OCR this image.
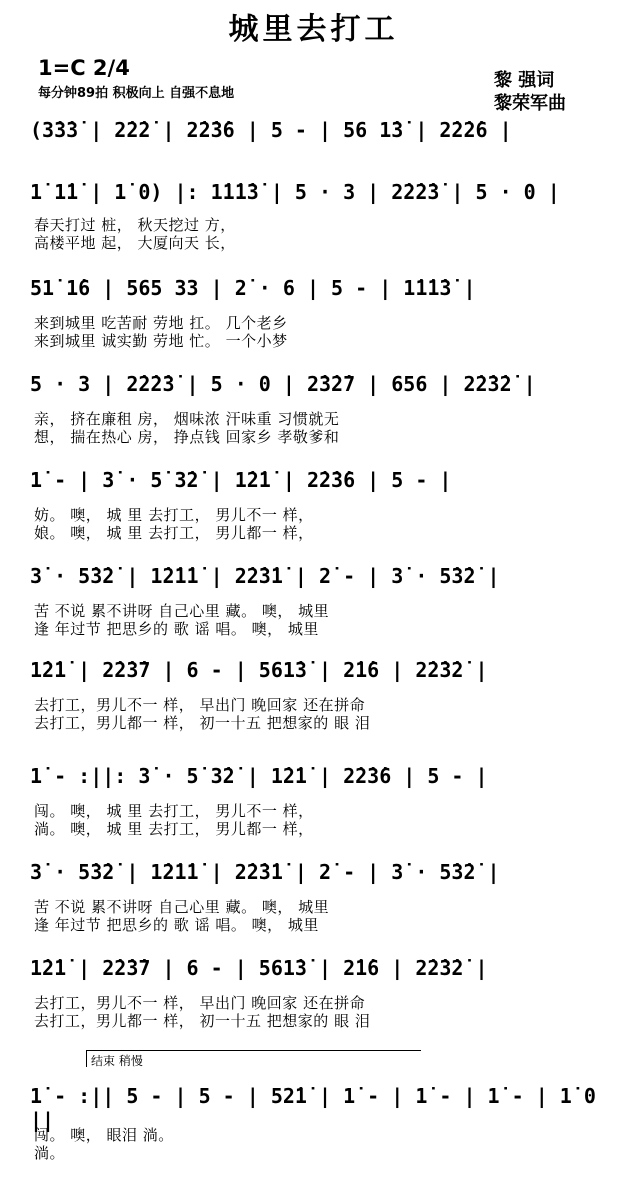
城里去打工
1=C 2/4
每分钟89拍 积极向上 自强不息地
黎 强词
黎荣军曲
(3̇3̇3̇ | 2̇2̇2̇ | 2̇2̇3̇6 | 5 - | 56 1̇3̇ | 2̇2̇2̇6 |
1̇ 1̇1̇ | 1̇ 0) |: 1̇1̇1̇3̇ | 5 · 3 | 2̇2̇2̇3̇ | 5 · 0 |
春天打过 桩， 秋天挖过 方，
高楼平地 起， 大厦向天 长，
51̇ 1̇6 | 565 33 | 2̇ · 6 | 5 - | 1̇1̇1̇3̇ |
来到城里 吃苦耐 劳地 扛。 几个老乡
来到城里 诚实勤 劳地 忙。 一个小梦
5 · 3 | 2̇2̇2̇3̇ | 5 · 0 | 2̇3̇2̇7 | 656 | 2̇2̇3̇2̇ |
亲， 挤在廉租 房， 烟味浓 汗味重 习惯就无
想， 揣在热心 房， 挣点钱 回家乡 孝敬爹和
1̇ - | 3̇ · 5̇ 3̇2̇ | 1̇2̇1̇ | 2̇2̇3̇6 | 5 - |
妨。 噢， 城 里 去打工， 男儿不一 样，
娘。 噢， 城 里 去打工， 男儿都一 样，
3̇ · 5̇3̇2̇ | 1̇2̇1̇1̇ | 2̇2̇3̇1̇ | 2̇ - | 3̇ · 5̇3̇2̇ |
苦 不说 累不讲呀 自己心里 藏。 噢， 城里
逢 年过节 把思乡的 歌 谣 唱。 噢， 城里
1̇2̇1̇ | 2̇2̇3̇7 | 6 - | 561̇3̇ | 2̇1̇6 | 2̇2̇3̇2̇ |
去打工，男儿不一 样， 早出门 晚回家 还在拼命
去打工，男儿都一 样， 初一十五 把想家的 眼 泪
1̇ - :||: 3̇ · 5̇ 3̇2̇ | 1̇2̇1̇ | 2̇2̇3̇6 | 5 - |
闯。 噢， 城 里 去打工， 男儿不一 样，
淌。 噢， 城 里 去打工， 男儿都一 样，
3̇ · 5̇3̇2̇ | 1̇2̇1̇1̇ | 2̇2̇3̇1̇ | 2̇ - | 3̇ · 5̇3̇2̇ |
苦 不说 累不讲呀 自己心里 藏。 噢， 城里
逢 年过节 把思乡的 歌 谣 唱。 噢， 城里
1̇2̇1̇ | 2̇2̇3̇7 | 6 - | 561̇3̇ | 2̇1̇6 | 2̇2̇3̇2̇ |
去打工，男儿不一 样， 早出门 晚回家 还在拼命
去打工，男儿都一 样， 初一十五 把想家的 眼 泪
结束 稍慢
1̇ - :|| 5 - | 5 - | 52̇1̇ | 1̇ - | 1̇ - | 1̇ - | 1̇ 0 ||
闯。 噢， 眼泪 淌。
淌。
